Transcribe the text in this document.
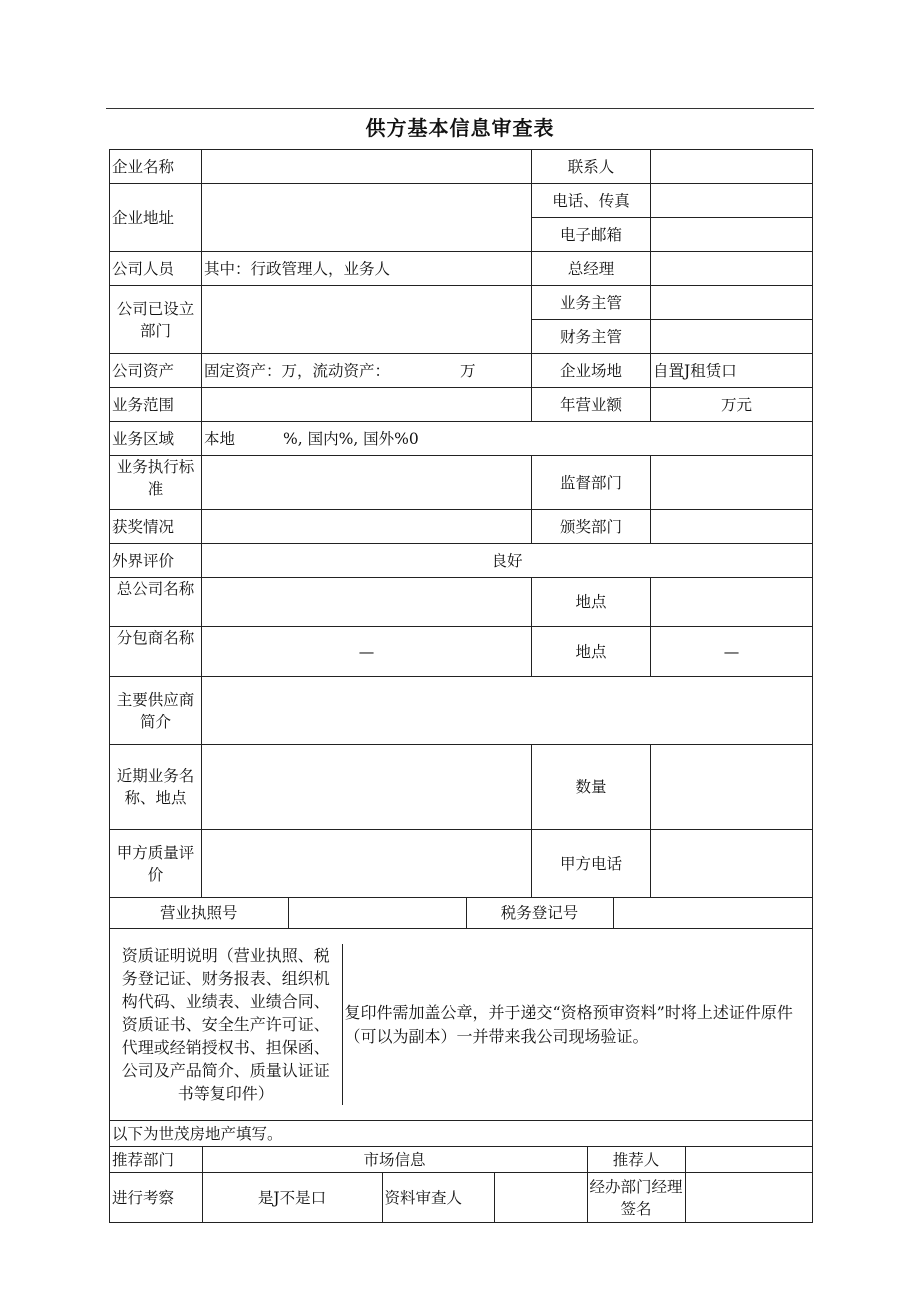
供方基本信息审查表
企业名称		联系人	
企业地址		电话、传真	
电子邮箱	
公司人员	其中：行政管理人，业务人	总经理	
公司已设立部门		业务主管	
财务主管	
公司资产	固定资产：万，流动资产：	万	企业场地	自置J租赁口
业务范围		年营业额	万元
业务区域	本地	%, 国内%, 国外%0
业务执行标准		监督部门	
获奖情况		颁奖部门	
外界评价	良好
总公司名称		地点	
分包商名称	—	地点	—
主要供应商简介	
近期业务名称、地点		数量	
甲方质量评价		甲方电话	

营业执照号		税务登记号	

资质证明说明（营业执照、税务登记证、财务报表、组织机构代码、业绩表、业绩合同、资质证书、安全生产许可证、代理或经销授权书、担保函、公司及产品简介、质量认证证书等复印件）	复印件需加盖公章，并于递交“资格预审资料”时将上述证件原件（可以为副本）一并带来我公司现场验证。

以下为世茂房地产填写。

推荐部门	市场信息	推荐人	

进行考察	是J不是口	资料审查人		经办部门经理签名	
